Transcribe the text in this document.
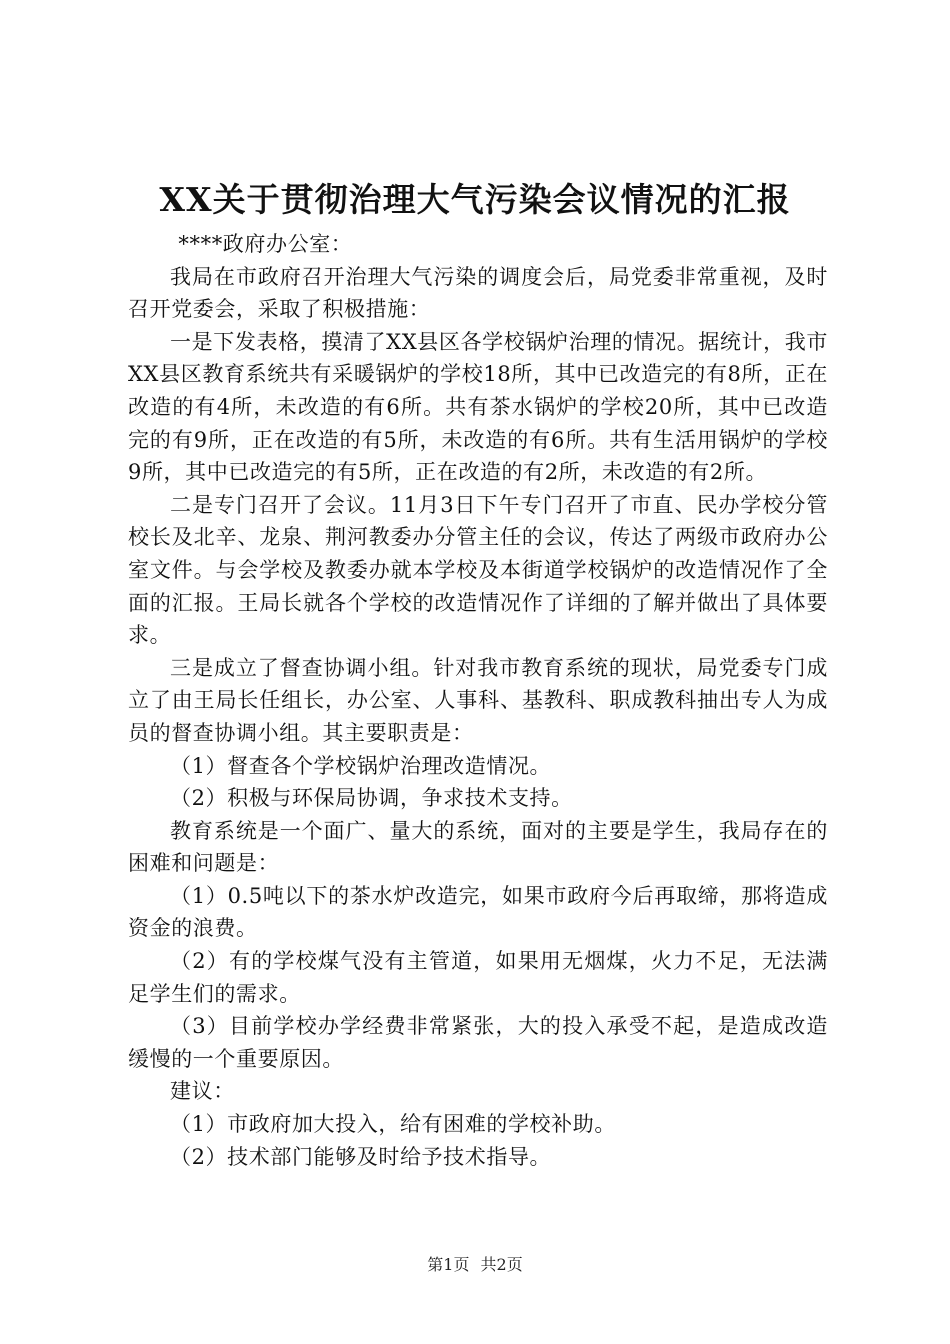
XX关于贯彻治理大气污染会议情况的汇报

****政府办公室：

我局在市政府召开治理大气污染的调度会后，局党委非常重视，及时召开党委会，采取了积极措施：

一是下发表格，摸清了XX县区各学校锅炉治理的情况。据统计，我市XX县区教育系统共有采暖锅炉的学校18所，其中已改造完的有8所，正在改造的有4所，未改造的有6所。共有茶水锅炉的学校20所，其中已改造完的有9所，正在改造的有5所，未改造的有6所。共有生活用锅炉的学校9所，其中已改造完的有5所，正在改造的有2所，未改造的有2所。

二是专门召开了会议。11月3日下午专门召开了市直、民办学校分管校长及北辛、龙泉、荆河教委办分管主任的会议，传达了两级市政府办公室文件。与会学校及教委办就本学校及本街道学校锅炉的改造情况作了全面的汇报。王局长就各个学校的改造情况作了详细的了解并做出了具体要求。

三是成立了督查协调小组。针对我市教育系统的现状，局党委专门成立了由王局长任组长，办公室、人事科、基教科、职成教科抽出专人为成员的督查协调小组。其主要职责是：

（1）督查各个学校锅炉治理改造情况。

（2）积极与环保局协调，争求技术支持。

教育系统是一个面广、量大的系统，面对的主要是学生，我局存在的困难和问题是：

（1）0.5吨以下的茶水炉改造完，如果市政府今后再取缔，那将造成资金的浪费。

（2）有的学校煤气没有主管道，如果用无烟煤，火力不足，无法满足学生们的需求。

（3）目前学校办学经费非常紧张，大的投入承受不起，是造成改造缓慢的一个重要原因。

建议：

（1）市政府加大投入，给有困难的学校补助。

（2）技术部门能够及时给予技术指导。

第1页 共2页
